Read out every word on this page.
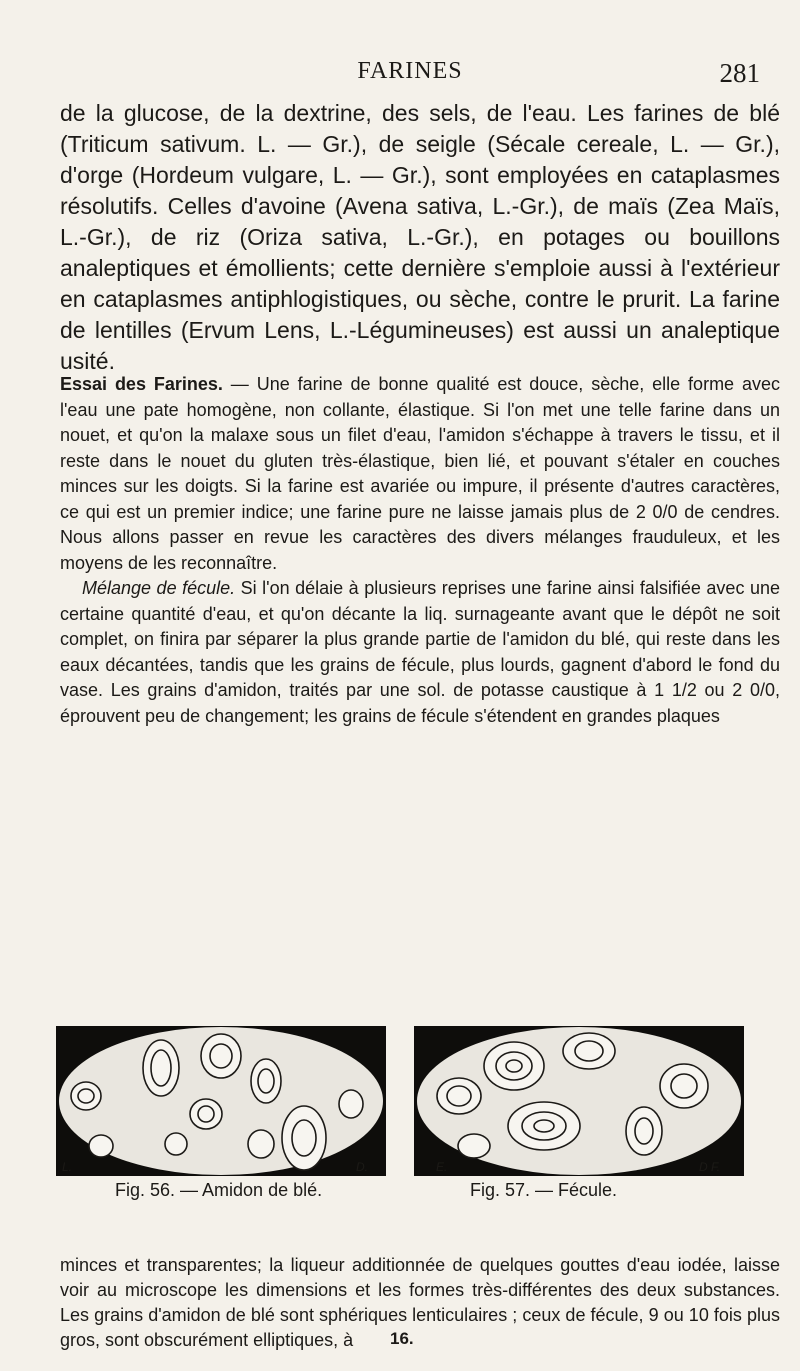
FARINES	281

de la glucose, de la dextrine, des sels, de l'eau. Les farines de blé (Triticum sativum. L. — Gr.), de seigle (Sécale cereale, L. — Gr.), d'orge (Hordeum vulgare, L. — Gr.), sont employées en cataplasmes résolutifs. Celles d'avoine (Avena sativa, L.-Gr.), de maïs (Zea Maïs, L.-Gr.), de riz (Oriza sativa, L.-Gr.), en potages ou bouillons analeptiques et émollients; cette dernière s'emploie aussi à l'extérieur en cataplasmes antiphlogistiques, ou sèche, contre le prurit. La farine de lentilles (Ervum Lens, L.-Légumineuses) est aussi un analeptique usité.

Essai des Farines. — Une farine de bonne qualité est douce, sèche, elle forme avec l'eau une pate homogène, non collante, élastique. Si l'on met une telle farine dans un nouet, et qu'on la malaxe sous un filet d'eau, l'amidon s'échappe à travers le tissu, et il reste dans le nouet du gluten très-élastique, bien lié, et pouvant s'étaler en couches minces sur les doigts. Si la farine est avariée ou impure, il présente d'autres caractères, ce qui est un premier indice; une farine pure ne laisse jamais plus de 2 0/0 de cendres. Nous allons passer en revue les caractères des divers mélanges frauduleux, et les moyens de les reconnaître.

Mélange de fécule. Si l'on délaie à plusieurs reprises une farine ainsi falsifiée avec une certaine quantité d'eau, et qu'on décante la liq. surnageante avant que le dépôt ne soit complet, on finira par séparer la plus grande partie de l'amidon du blé, qui reste dans les eaux décantées, tandis que les grains de fécule, plus lourds, gagnent d'abord le fond du vase. Les grains d'amidon, traités par une sol. de potasse caustique à 1 1/2 ou 2 0/0, éprouvent peu de changement; les grains de fécule s'étendent en grandes plaques

L.	D.	E.	D F.
Fig. 56. — Amidon de blé.	Fig. 57. — Fécule.

minces et transparentes; la liqueur additionnée de quelques gouttes d'eau iodée, laisse voir au microscope les dimensions et les formes très-différentes des deux substances. Les grains d'amidon de blé sont sphériques lenticulaires ; ceux de fécule, 9 ou 10 fois plus gros, sont obscurément elliptiques, à	16.
